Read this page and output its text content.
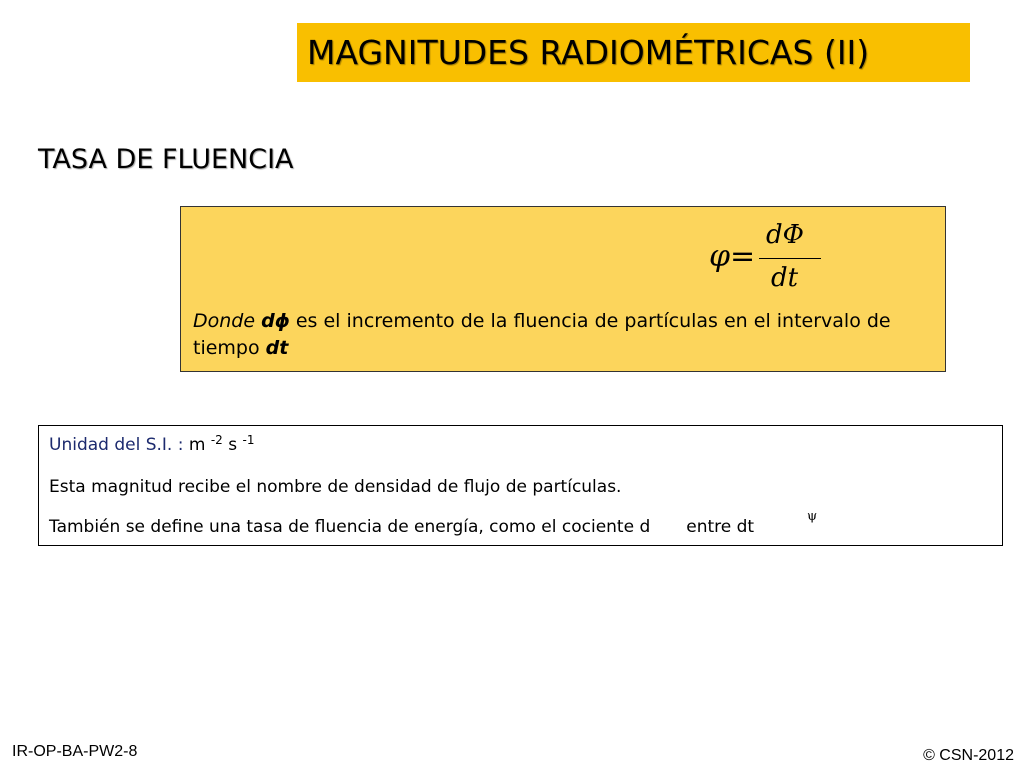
MAGNITUDES RADIOMÉTRICAS (II)
TASA DE FLUENCIA
φ=
dΦ
dt
Donde dϕ es el incremento de la fluencia de partículas en el intervalo de tiempo dt
Unidad del S.I. : m $^{-2}$ s $^{-1}$
Esta magnitud recibe el nombre de densidad de flujo de partículas.
También se define una tasa de fluencia de energía, como el cociente d entre dt
ψ
IR-OP-BA-PW2-8	© CSN-2012
